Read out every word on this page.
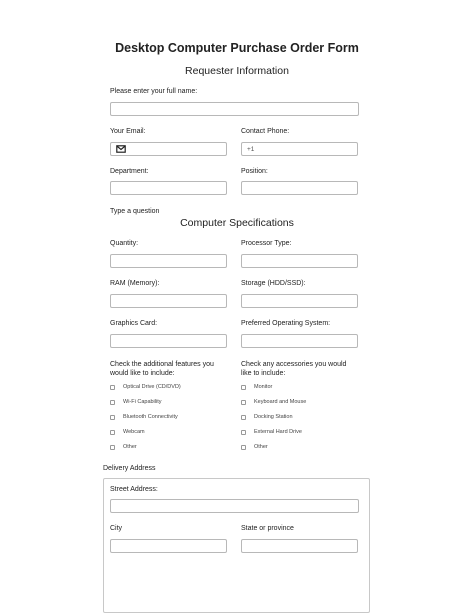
Desktop Computer Purchase Order Form
Requester Information
Please enter your full name:
Your Email:	Contact Phone:
+1
Department:	Position:
Type a question
Computer Specifications
Quantity:	Processor Type:
RAM (Memory):	Storage (HDD/SSD):
Graphics Card:	Preferred Operating System:
Check the additional features you
would like to include:
Optical Drive (CD/DVD)
Wi-Fi Capability
Bluetooth Connectivity
Webcam
Other
Check any accessories you would
like to include:
Monitor
Keyboard and Mouse
Docking Station
External Hard Drive
Other
Delivery Address
Street Address:
City	State or province
